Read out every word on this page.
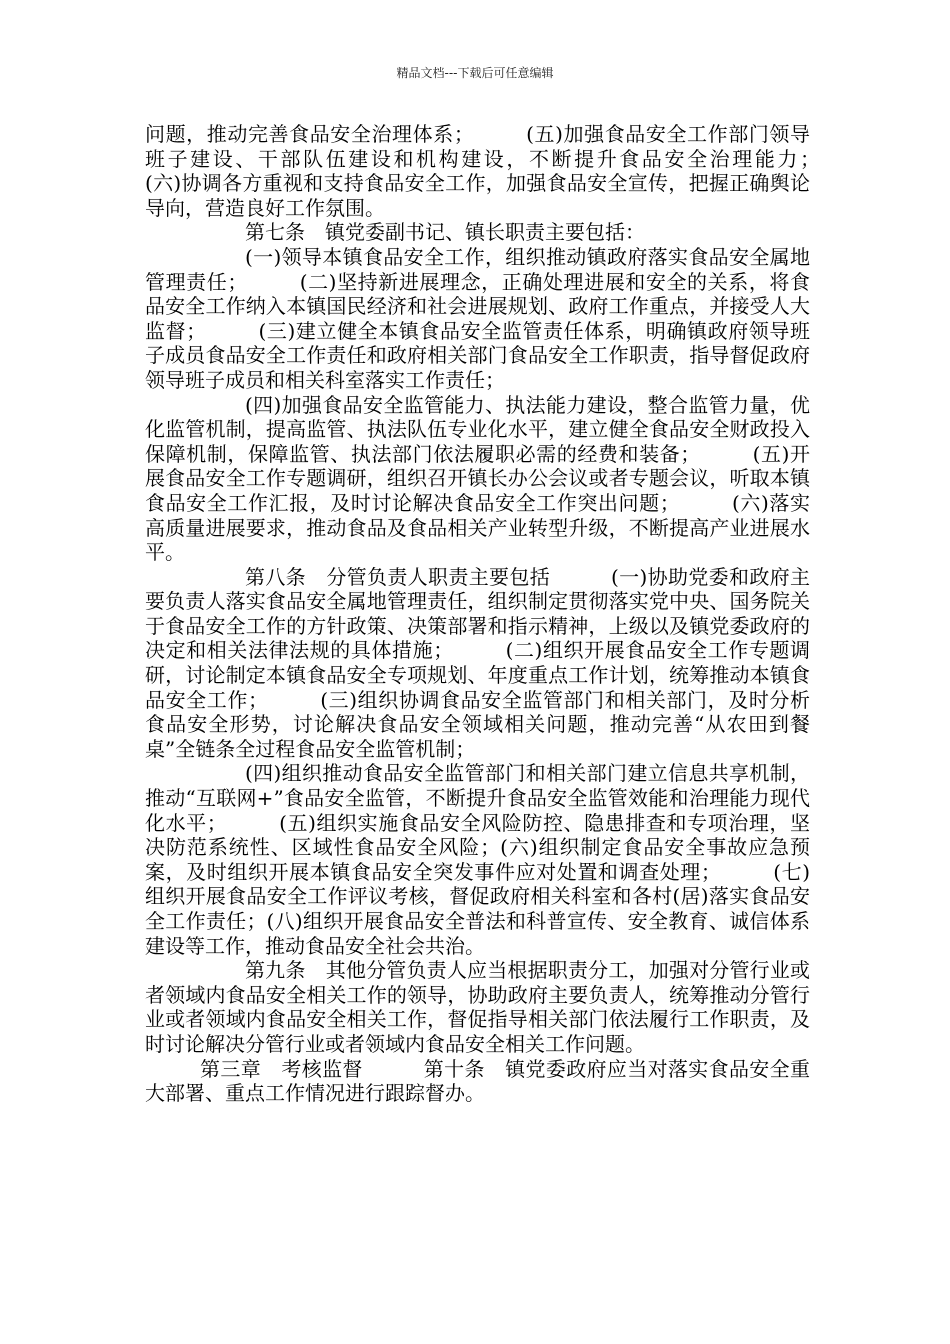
精品文档---下载后可任意编辑

问题，推动完善食品安全治理体系；　　　(五)加强食品安全工作部门领导班子建设、干部队伍建设和机构建设，不断提升食品安全治理能力；　　　(六)协调各方重视和支持食品安全工作，加强食品安全宣传，把握正确舆论导向，营造良好工作氛围。

第七条　镇党委副书记、镇长职责主要包括：

(一)领导本镇食品安全工作，组织推动镇政府落实食品安全属地管理责任；　　　(二)坚持新进展理念，正确处理进展和安全的关系，将食品安全工作纳入本镇国民经济和社会进展规划、政府工作重点，并接受人大监督；　　　(三)建立健全本镇食品安全监管责任体系，明确镇政府领导班子成员食品安全工作责任和政府相关部门食品安全工作职责，指导督促政府领导班子成员和相关科室落实工作责任；

(四)加强食品安全监管能力、执法能力建设，整合监管力量，优化监管机制，提高监管、执法队伍专业化水平，建立健全食品安全财政投入保障机制，保障监管、执法部门依法履职必需的经费和装备；　　　(五)开展食品安全工作专题调研，组织召开镇长办公会议或者专题会议，听取本镇食品安全工作汇报，及时讨论解决食品安全工作突出问题；　　　(六)落实高质量进展要求，推动食品及食品相关产业转型升级，不断提高产业进展水平。

第八条　分管负责人职责主要包括　　　(一)协助党委和政府主要负责人落实食品安全属地管理责任，组织制定贯彻落实党中央、国务院关于食品安全工作的方针政策、决策部署和指示精神，上级以及镇党委政府的决定和相关法律法规的具体措施；　　　(二)组织开展食品安全工作专题调研，讨论制定本镇食品安全专项规划、年度重点工作计划，统筹推动本镇食品安全工作；　　　(三)组织协调食品安全监管部门和相关部门，及时分析食品安全形势，讨论解决食品安全领域相关问题，推动完善“从农田到餐桌”全链条全过程食品安全监管机制；

(四)组织推动食品安全监管部门和相关部门建立信息共享机制，推动“互联网+”食品安全监管，不断提升食品安全监管效能和治理能力现代化水平；　　　(五)组织实施食品安全风险防控、隐患排查和专项治理，坚决防范系统性、区域性食品安全风险；(六)组织制定食品安全事故应急预案，及时组织开展本镇食品安全突发事件应对处置和调查处理；　　　(七)组织开展食品安全工作评议考核，督促政府相关科室和各村(居)落实食品安全工作责任；(八)组织开展食品安全普法和科普宣传、安全教育、诚信体系建设等工作，推动食品安全社会共治。

第九条　其他分管负责人应当根据职责分工，加强对分管行业或者领域内食品安全相关工作的领导，协助政府主要负责人，统筹推动分管行业或者领域内食品安全相关工作，督促指导相关部门依法履行工作职责，及时讨论解决分管行业或者领域内食品安全相关工作问题。

第三章　考核监督　　　第十条　镇党委政府应当对落实食品安全重大部署、重点工作情况进行跟踪督办。
